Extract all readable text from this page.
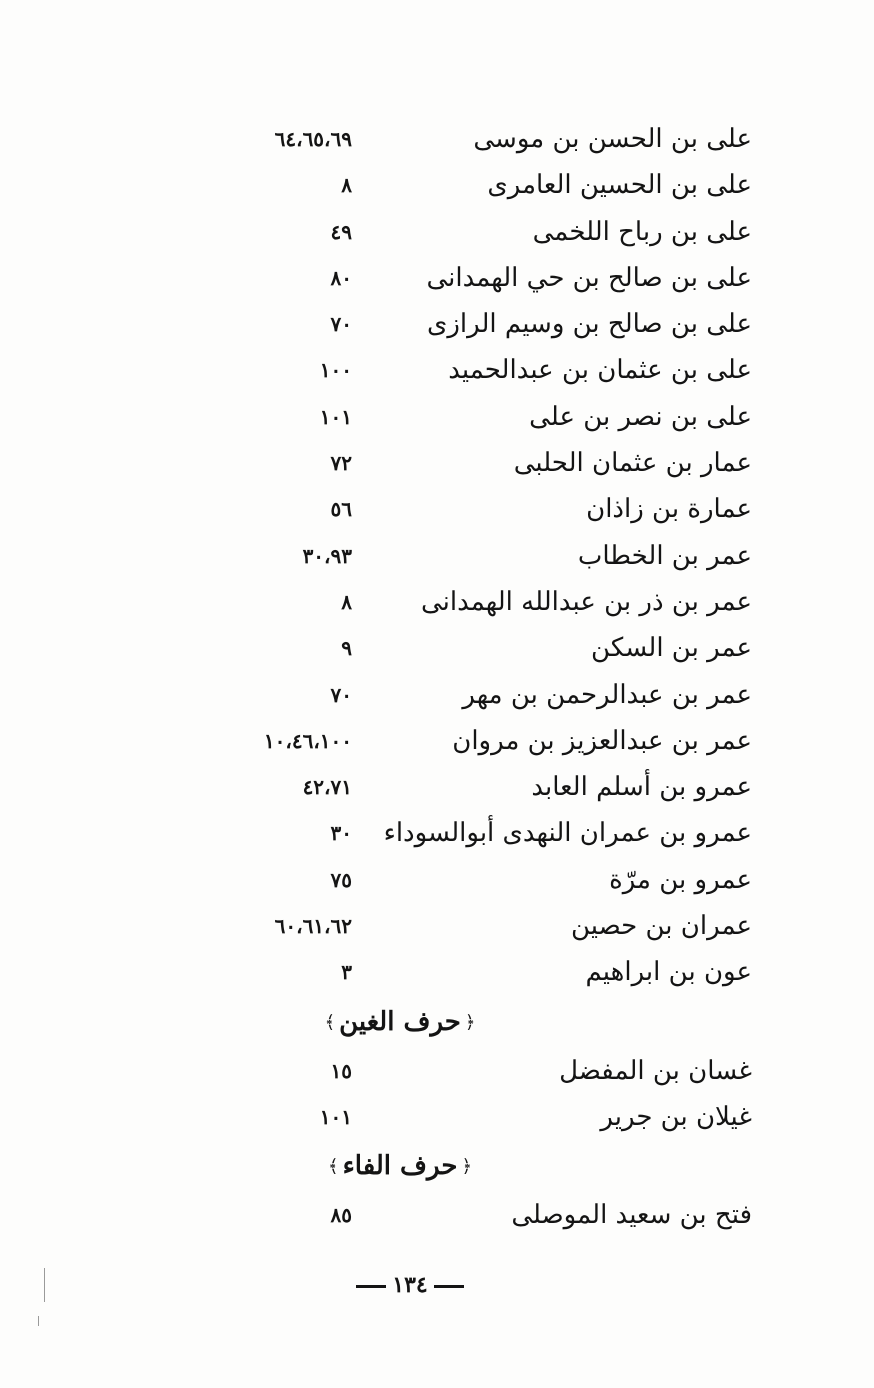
على بن الحسن بن موسى
٦٤،٦٥،٦٩
على بن الحسين العامرى
٨
على بن رباح اللخمى
٤٩
على بن صالح بن حي الهمدانى
٨٠
على بن صالح بن وسيم الرازى
٧٠
على بن عثمان بن عبدالحميد
١٠٠
على بن نصر بن على
١٠١
عمار بن عثمان الحلبى
٧٢
عمارة بن زاذان
٥٦
عمر بن الخطاب
٣٠،٩٣
عمر بن ذر بن عبدالله الهمدانى
٨
عمر بن السكن
٩
عمر بن عبدالرحمن بن مهر
٧٠
عمر بن عبدالعزيز بن مروان
١٠،٤٦،١٠٠
عمرو بن أسلم العابد
٤٢،٧١
عمرو بن عمران النهدى أبوالسوداء
٣٠
عمرو بن مرّة
٧٥
عمران بن حصين
٦٠،٦١،٦٢
عون بن ابراهيم
٣
﴿حرف الغين﴾
غسان بن المفضل
١٥
غيلان بن جرير
١٠١
﴿حرف الفاء﴾
فتح بن سعيد الموصلى
٨٥
١٣٤
